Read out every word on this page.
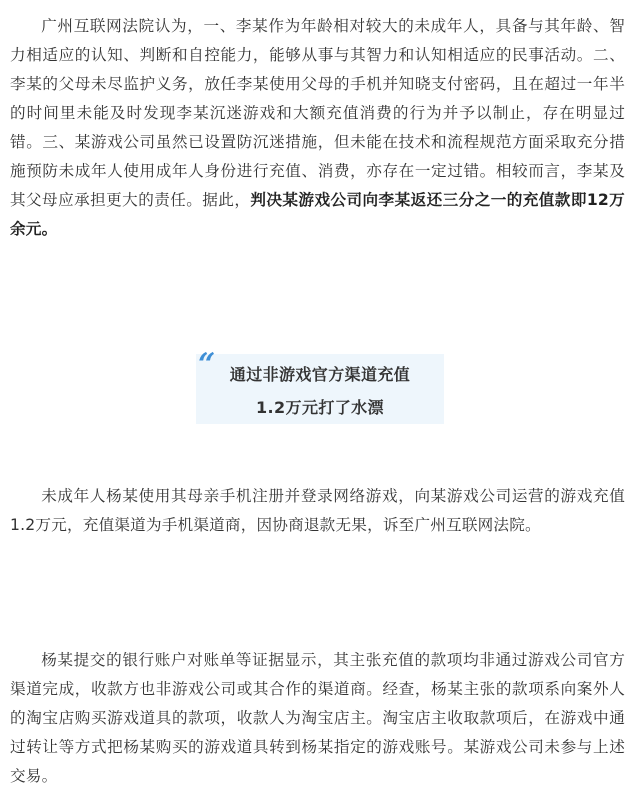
广州互联网法院认为，一、李某作为年龄相对较大的未成年人，具备与其年龄、智力相适应的认知、判断和自控能力，能够从事与其智力和认知相适应的民事活动。二、李某的父母未尽监护义务，放任李某使用父母的手机并知晓支付密码，且在超过一年半的时间里未能及时发现李某沉迷游戏和大额充值消费的行为并予以制止，存在明显过错。三、某游戏公司虽然已设置防沉迷措施，但未能在技术和流程规范方面采取充分措施预防未成年人使用成年人身份进行充值、消费，亦存在一定过错。相较而言，李某及其父母应承担更大的责任。据此，判决某游戏公司向李某返还三分之一的充值款即12万余元。

“ 通过非游戏官方渠道充值
1.2万元打了水漂

未成年人杨某使用其母亲手机注册并登录网络游戏，向某游戏公司运营的游戏充值1.2万元，充值渠道为手机渠道商，因协商退款无果，诉至广州互联网法院。

杨某提交的银行账户对账单等证据显示，其主张充值的款项均非通过游戏公司官方渠道完成，收款方也非游戏公司或其合作的渠道商。经查，杨某主张的款项系向案外人的淘宝店购买游戏道具的款项，收款人为淘宝店主。淘宝店主收取款项后，在游戏中通过转让等方式把杨某购买的游戏道具转到杨某指定的游戏账号。某游戏公司未参与上述交易。
